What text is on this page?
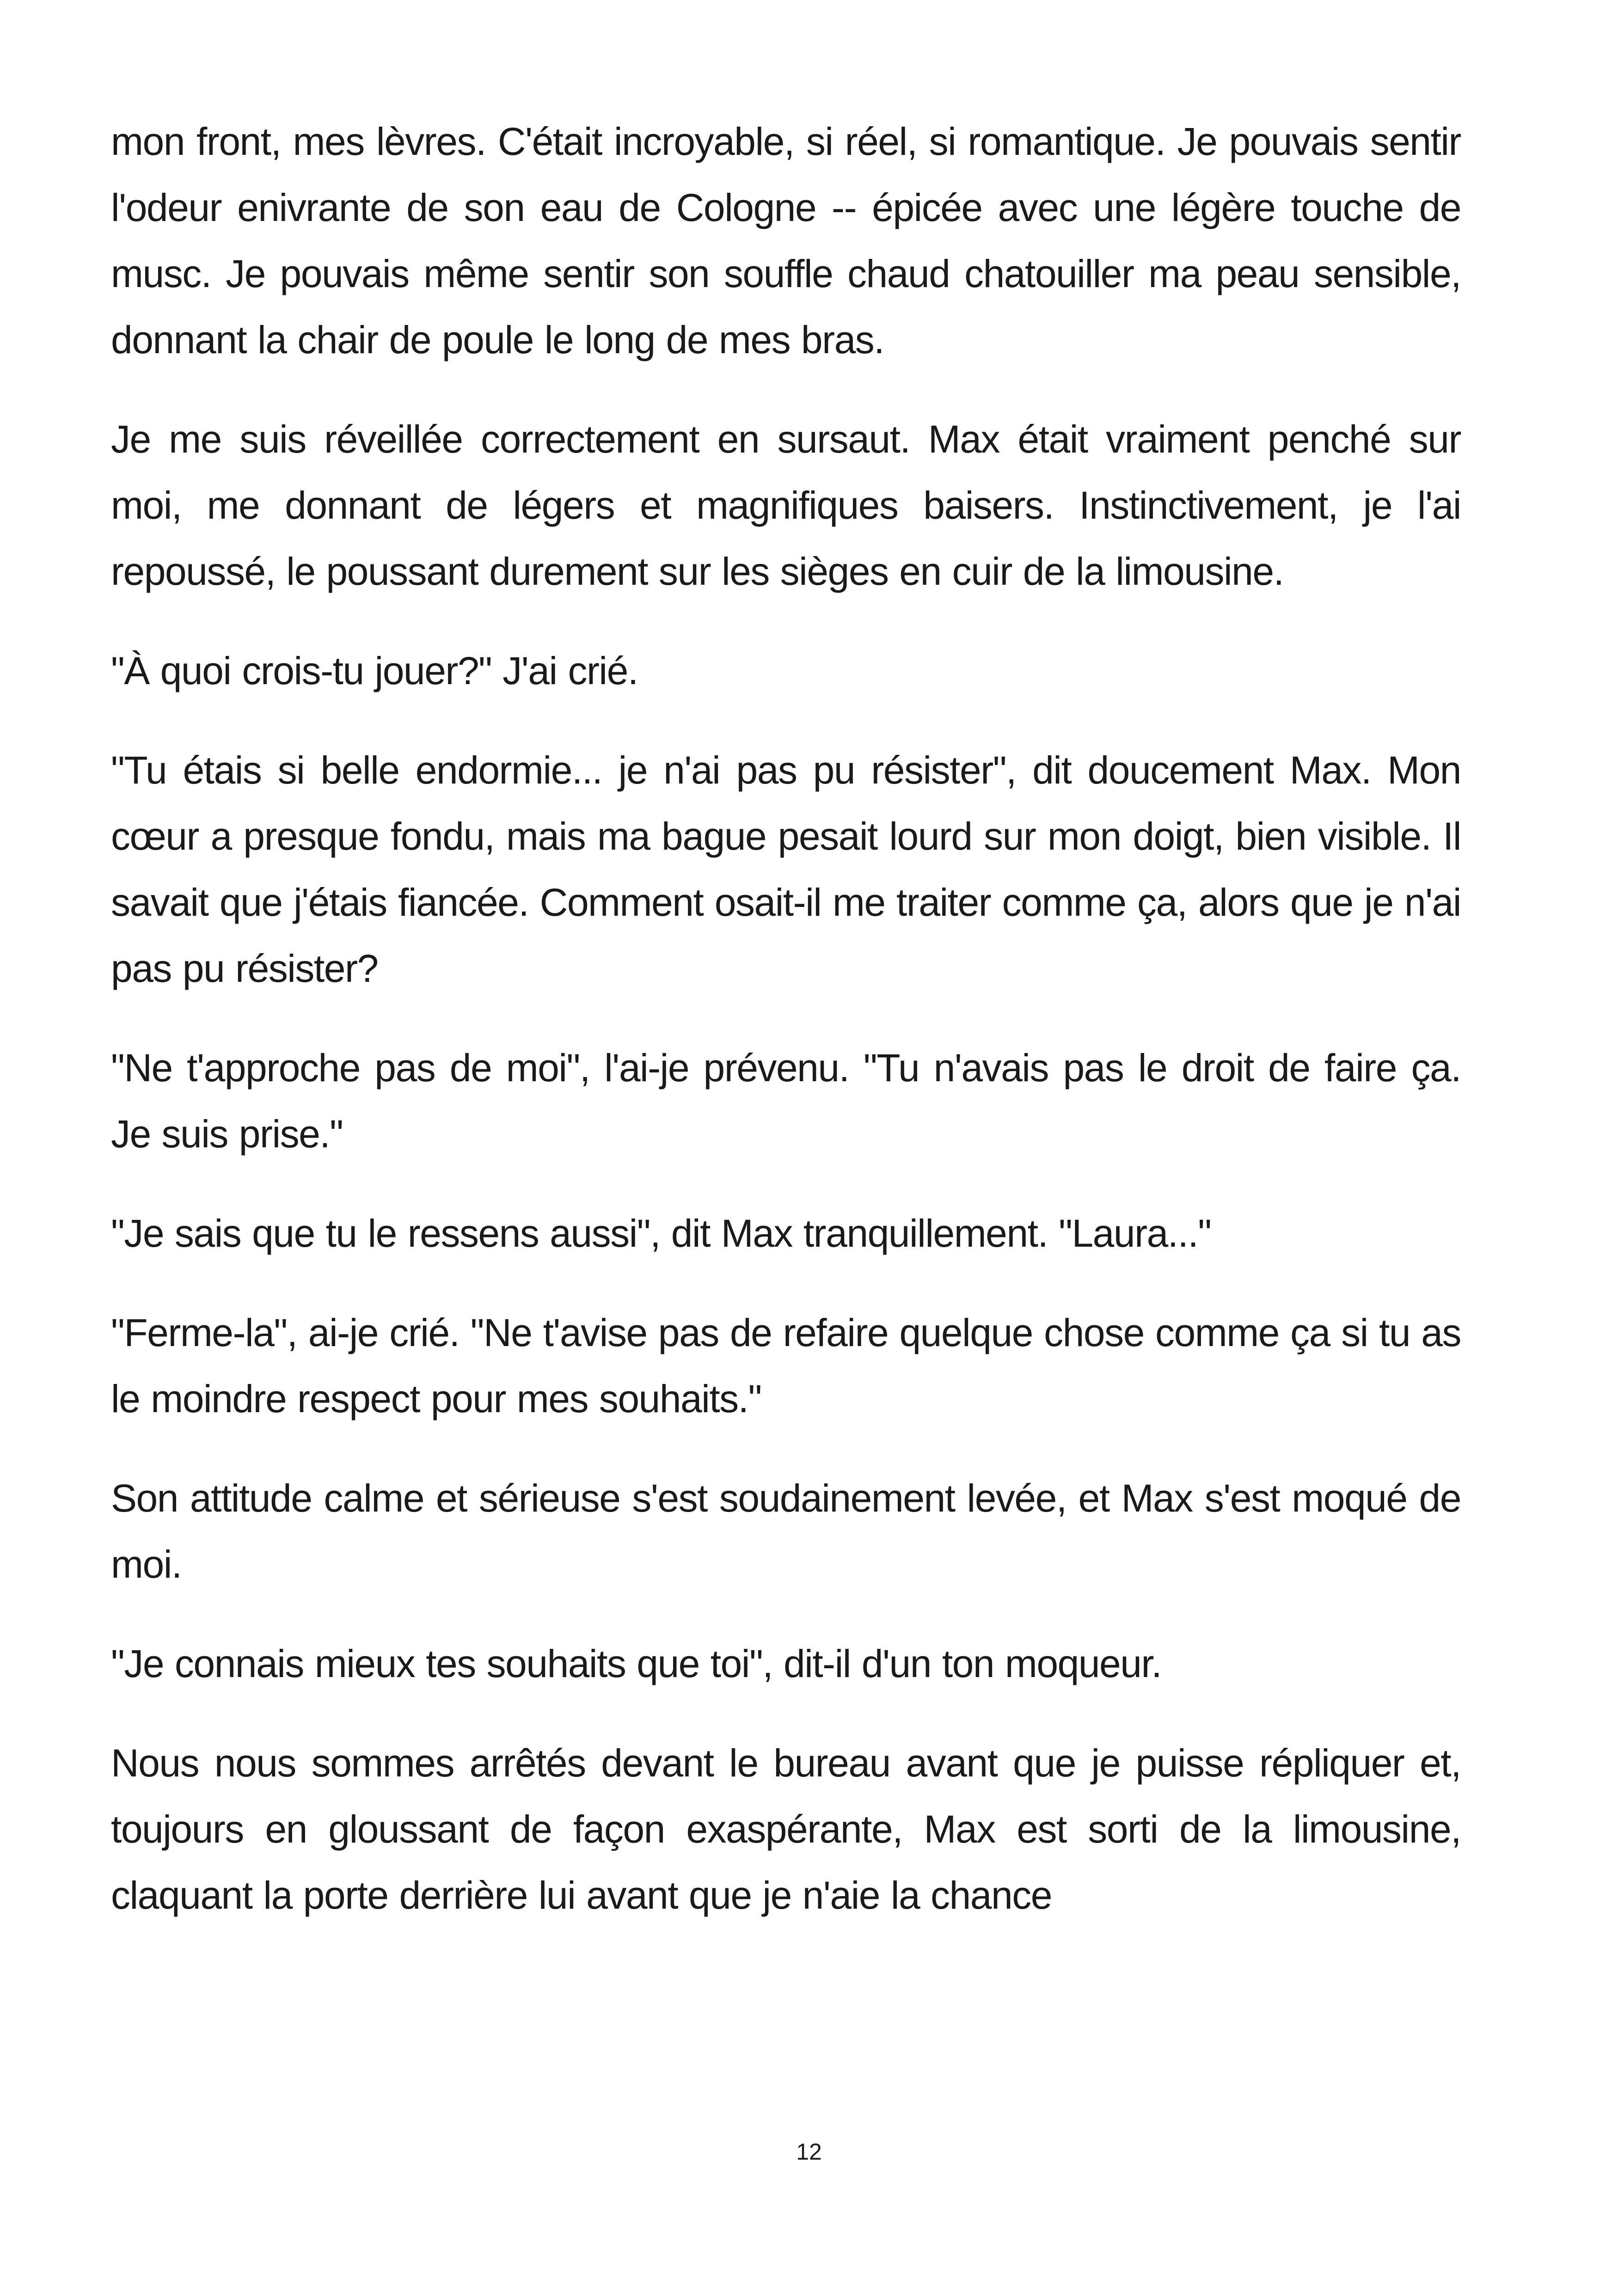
mon front, mes lèvres. C'était incroyable, si réel, si romantique. Je pouvais sentir l'odeur enivrante de son eau de Cologne -- épicée avec une légère touche de musc. Je pouvais même sentir son souffle chaud chatouiller ma peau sensible, donnant la chair de poule le long de mes bras.

Je me suis réveillée correctement en sursaut. Max était vraiment penché sur moi, me donnant de légers et magnifiques baisers. Instinctivement, je l'ai repoussé, le poussant durement sur les sièges en cuir de la limousine.

"À quoi crois-tu jouer?" J'ai crié.

"Tu étais si belle endormie... je n'ai pas pu résister", dit doucement Max. Mon cœur a presque fondu, mais ma bague pesait lourd sur mon doigt, bien visible. Il savait que j'étais fiancée. Comment osait-il me traiter comme ça, alors que je n'ai pas pu résister?

"Ne t'approche pas de moi", l'ai-je prévenu. "Tu n'avais pas le droit de faire ça. Je suis prise."

"Je sais que tu le ressens aussi", dit Max tranquillement. "Laura..."

"Ferme-la", ai-je crié. "Ne t'avise pas de refaire quelque chose comme ça si tu as le moindre respect pour mes souhaits."

Son attitude calme et sérieuse s'est soudainement levée, et Max s'est moqué de moi.

"Je connais mieux tes souhaits que toi", dit-il d'un ton moqueur.

Nous nous sommes arrêtés devant le bureau avant que je puisse répliquer et, toujours en gloussant de façon exaspérante, Max est sorti de la limousine, claquant la porte derrière lui avant que je n'aie la chance

12
